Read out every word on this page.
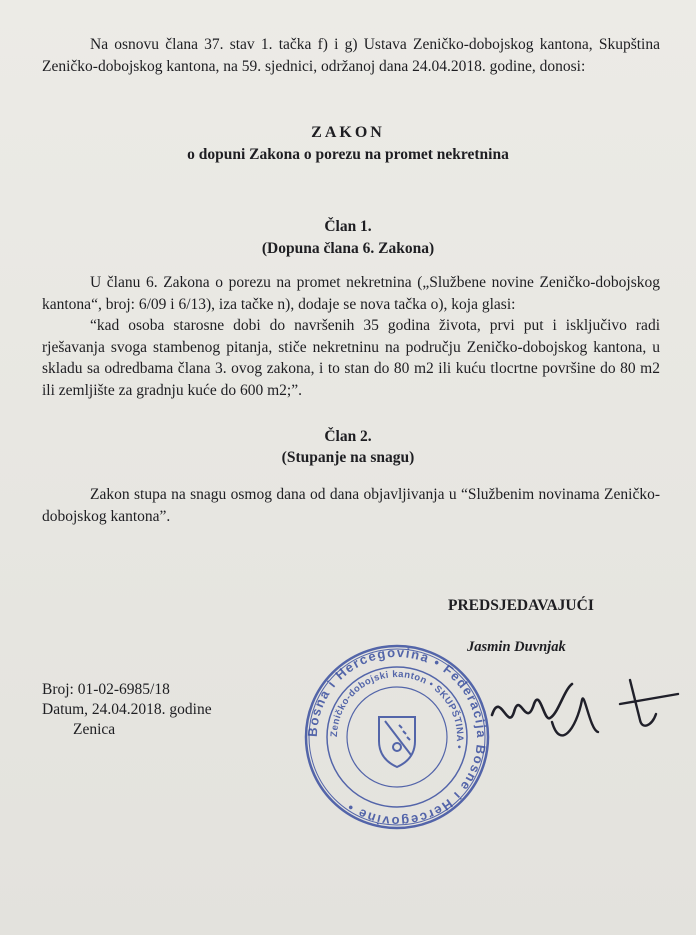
Na osnovu člana 37. stav 1. tačka f) i g) Ustava Zeničko-dobojskog kantona, Skupština Zeničko-dobojskog kantona, na 59. sjednici, održanoj dana 24.04.2018. godine, donosi:
ZAKON
o dopuni Zakona o porezu na promet nekretnina
Član 1.
(Dopuna člana 6. Zakona)
U članu 6. Zakona o porezu na promet nekretnina („Službene novine Zeničko-dobojskog kantona“, broj: 6/09 i 6/13), iza tačke n), dodaje se nova tačka o), koja glasi:
“kad osoba starosne dobi do navršenih 35 godina života, prvi put i isključivo radi rješavanja svoga stambenog pitanja, stiče nekretninu na području Zeničko-dobojskog kantona, u skladu sa odredbama člana 3. ovog zakona, i to stan do 80 m2 ili kuću tlocrtne površine do 80 m2 ili zemljište za gradnju kuće do 600 m2;”.
Član 2.
(Stupanje na snagu)
Zakon stupa na snagu osmog dana od dana objavljivanja u “Službenim novinama Zeničko-dobojskog kantona”.
PREDSJEDAVAJUĆI
Jasmin Duvnjak
Broj: 01-02-6985/18
Datum, 24.04.2018. godine
Zenica	Bosna i Hercegovina • Federacija Bosne i Hercegovine •
Zeničko-dobojski kanton • SKUPŠTINA •
